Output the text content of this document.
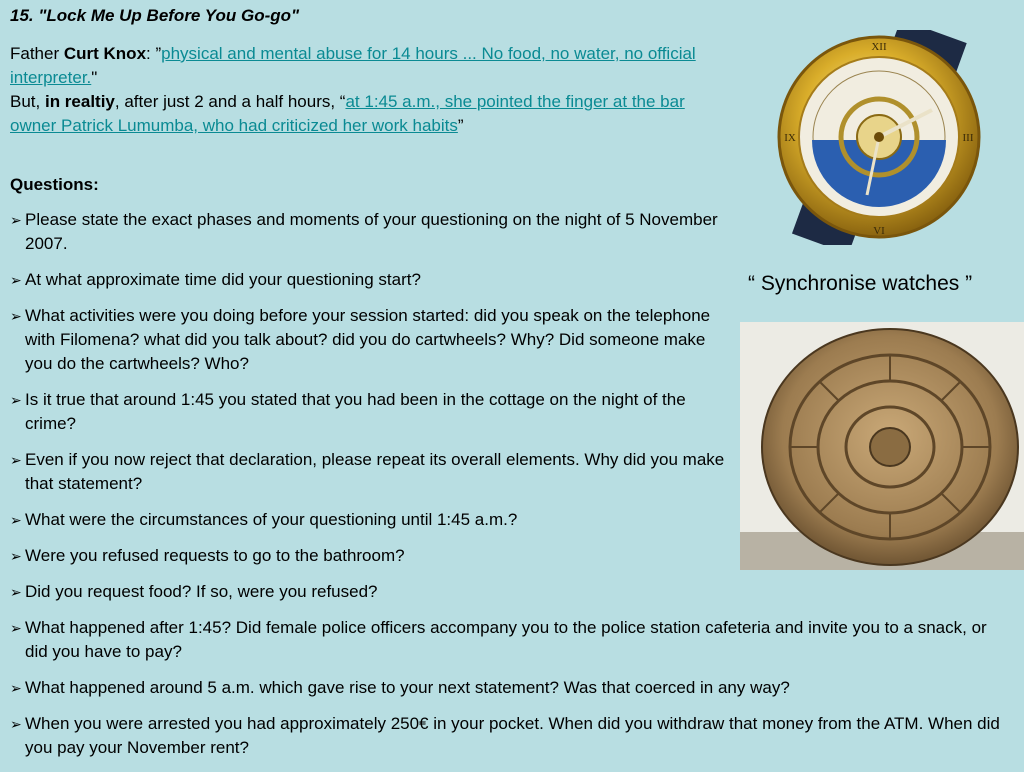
15. "Lock Me Up Before You Go-go"

Father Curt Knox: ”physical and mental abuse for 14 hours ... No food, no water, no official interpreter."

But, in realtiy, after just 2 and a half hours, “at 1:45 a.m., she pointed the finger at the bar owner Patrick Lumumba, who had criticized her work habits”

Questions:
➢ Please state the exact phases and moments of your questioning on the night of 5 November 2007.
➢ At what approximate time did your questioning start?
➢ What activities were you doing before your session started: did you speak on the telephone with Filomena? what did you talk about? did you do cartwheels? Why? Did someone make you do the cartwheels? Who?
➢ Is it true that around 1:45 you stated that you had been in the cottage on the night of the crime?
➢ Even if you now reject that declaration, please repeat its overall elements. Why did you make that statement?
➢ What were the circumstances of your questioning until 1:45 a.m.?
➢ Were you refused requests to go to the bathroom?
➢ Did you request food? If so, were you refused?
➢ What happened after 1:45? Did female police officers accompany you to the police station cafeteria and invite you to a snack, or did you have to pay?
➢ What happened around 5 a.m. which gave rise to your next statement? Was that coerced in any way?
➢ When you were arrested you had approximately 250€ in your pocket. When did you withdraw that money from the ATM. When did you pay your November rent?
XII
III
VI
IX
“ Synchronise watches ”
